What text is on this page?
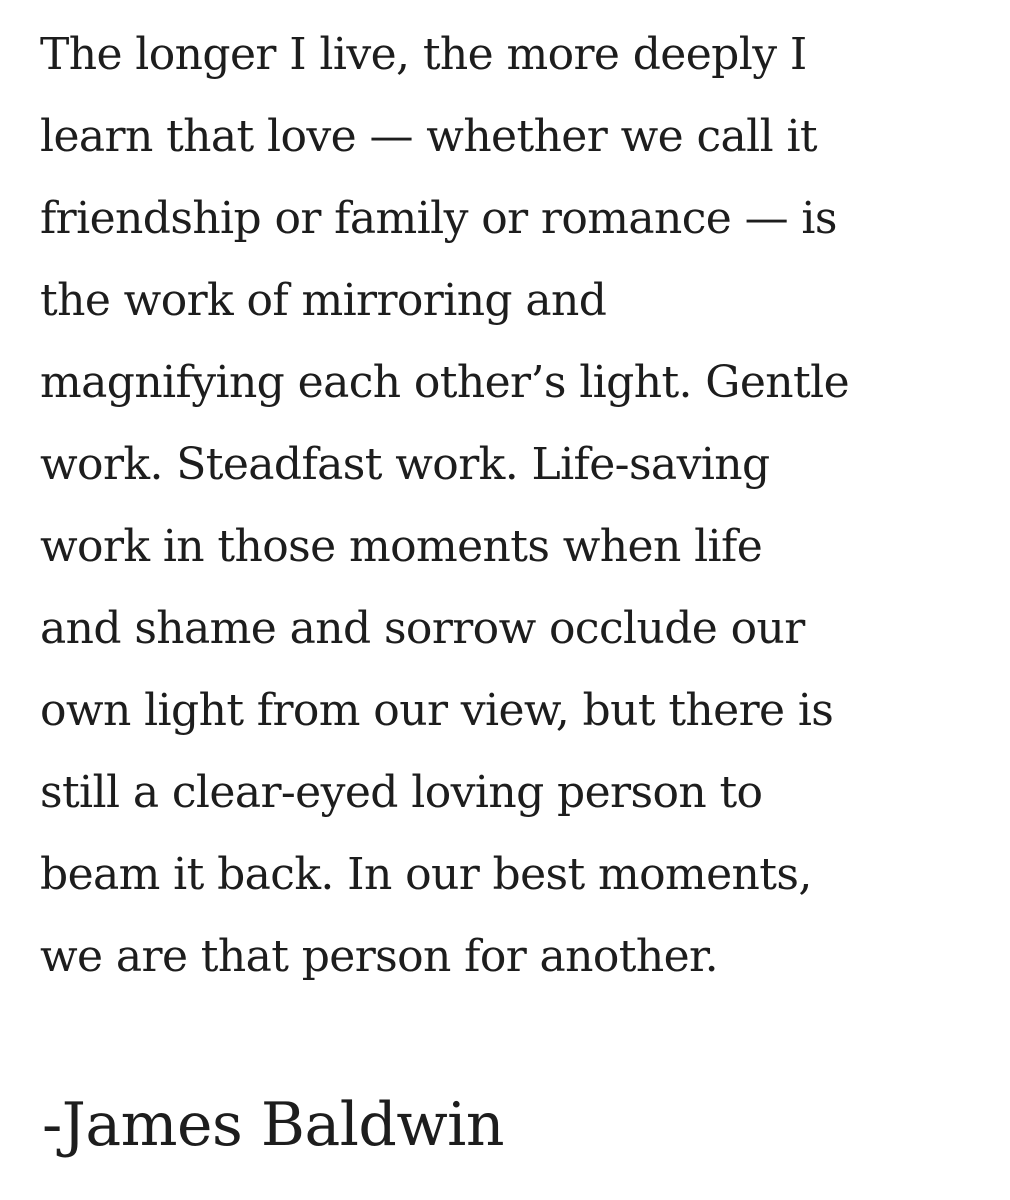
The longer I live, the more deeply I
learn that love — whether we call it
friendship or family or romance — is
the work of mirroring and
magnifying each other’s light. Gentle
work. Steadfast work. Life-saving
work in those moments when life
and shame and sorrow occlude our
own light from our view, but there is
still a clear-eyed loving person to
beam it back. In our best moments,
we are that person for another.
-James Baldwin
